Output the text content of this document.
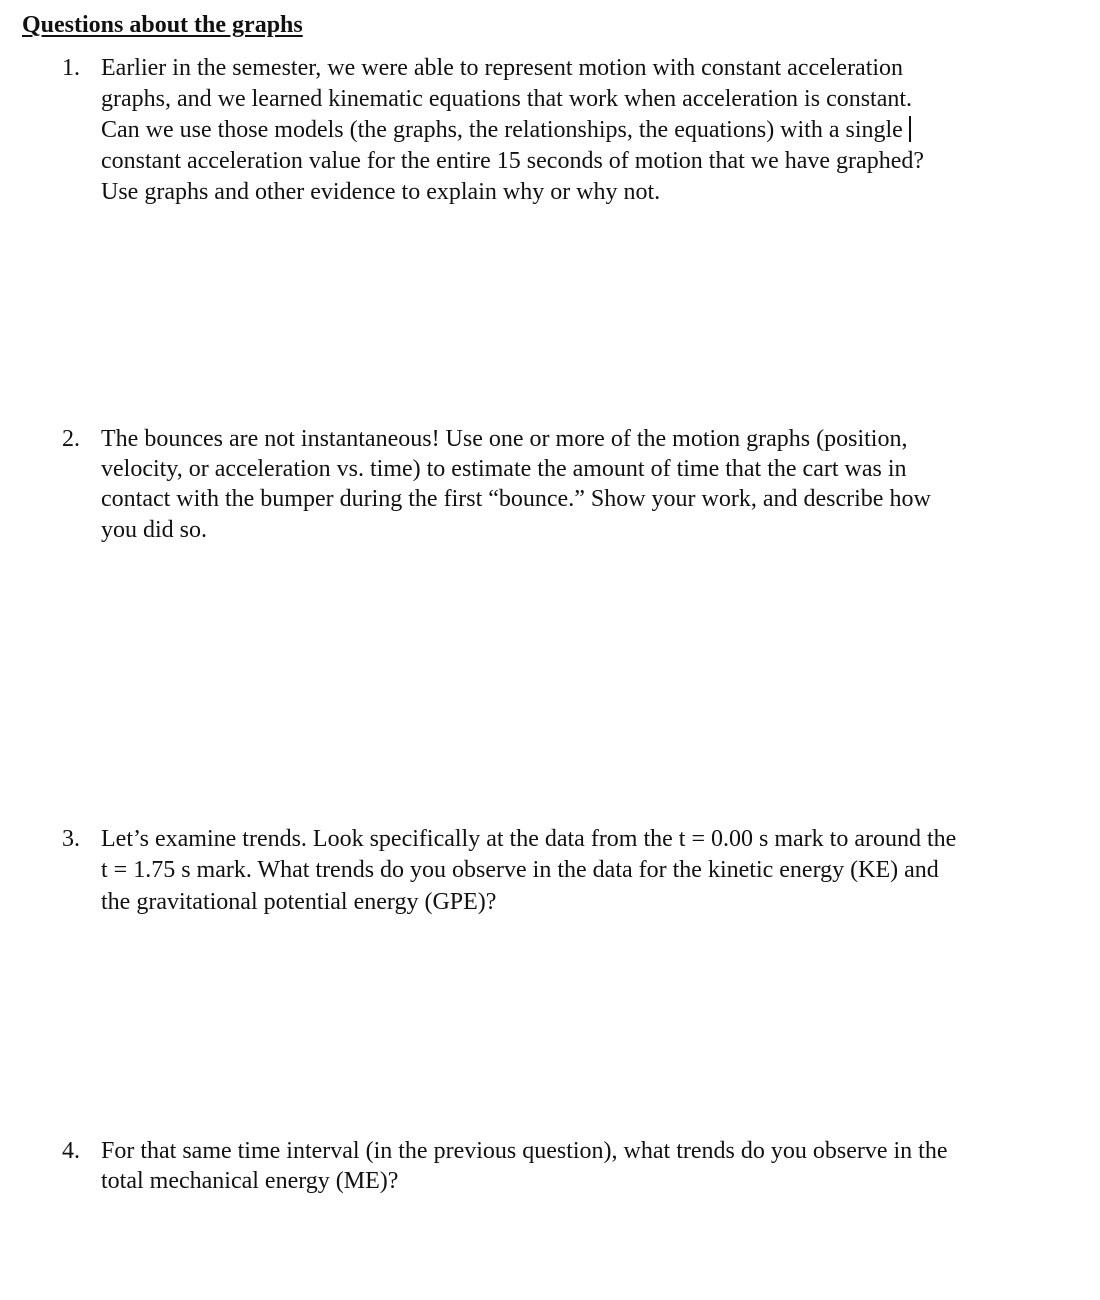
Questions about the graphs
1. Earlier in the semester, we were able to represent motion with constant acceleration
graphs, and we learned kinematic equations that work when acceleration is constant.
Can we use those models (the graphs, the relationships, the equations) with a single
constant acceleration value for the entire 15 seconds of motion that we have graphed?
Use graphs and other evidence to explain why or why not.
2. The bounces are not instantaneous! Use one or more of the motion graphs (position,
velocity, or acceleration vs. time) to estimate the amount of time that the cart was in
contact with the bumper during the first “bounce.” Show your work, and describe how
you did so.
3. Let’s examine trends. Look specifically at the data from the t = 0.00 s mark to around the
t = 1.75 s mark. What trends do you observe in the data for the kinetic energy (KE) and
the gravitational potential energy (GPE)?
4. For that same time interval (in the previous question), what trends do you observe in the
total mechanical energy (ME)?
